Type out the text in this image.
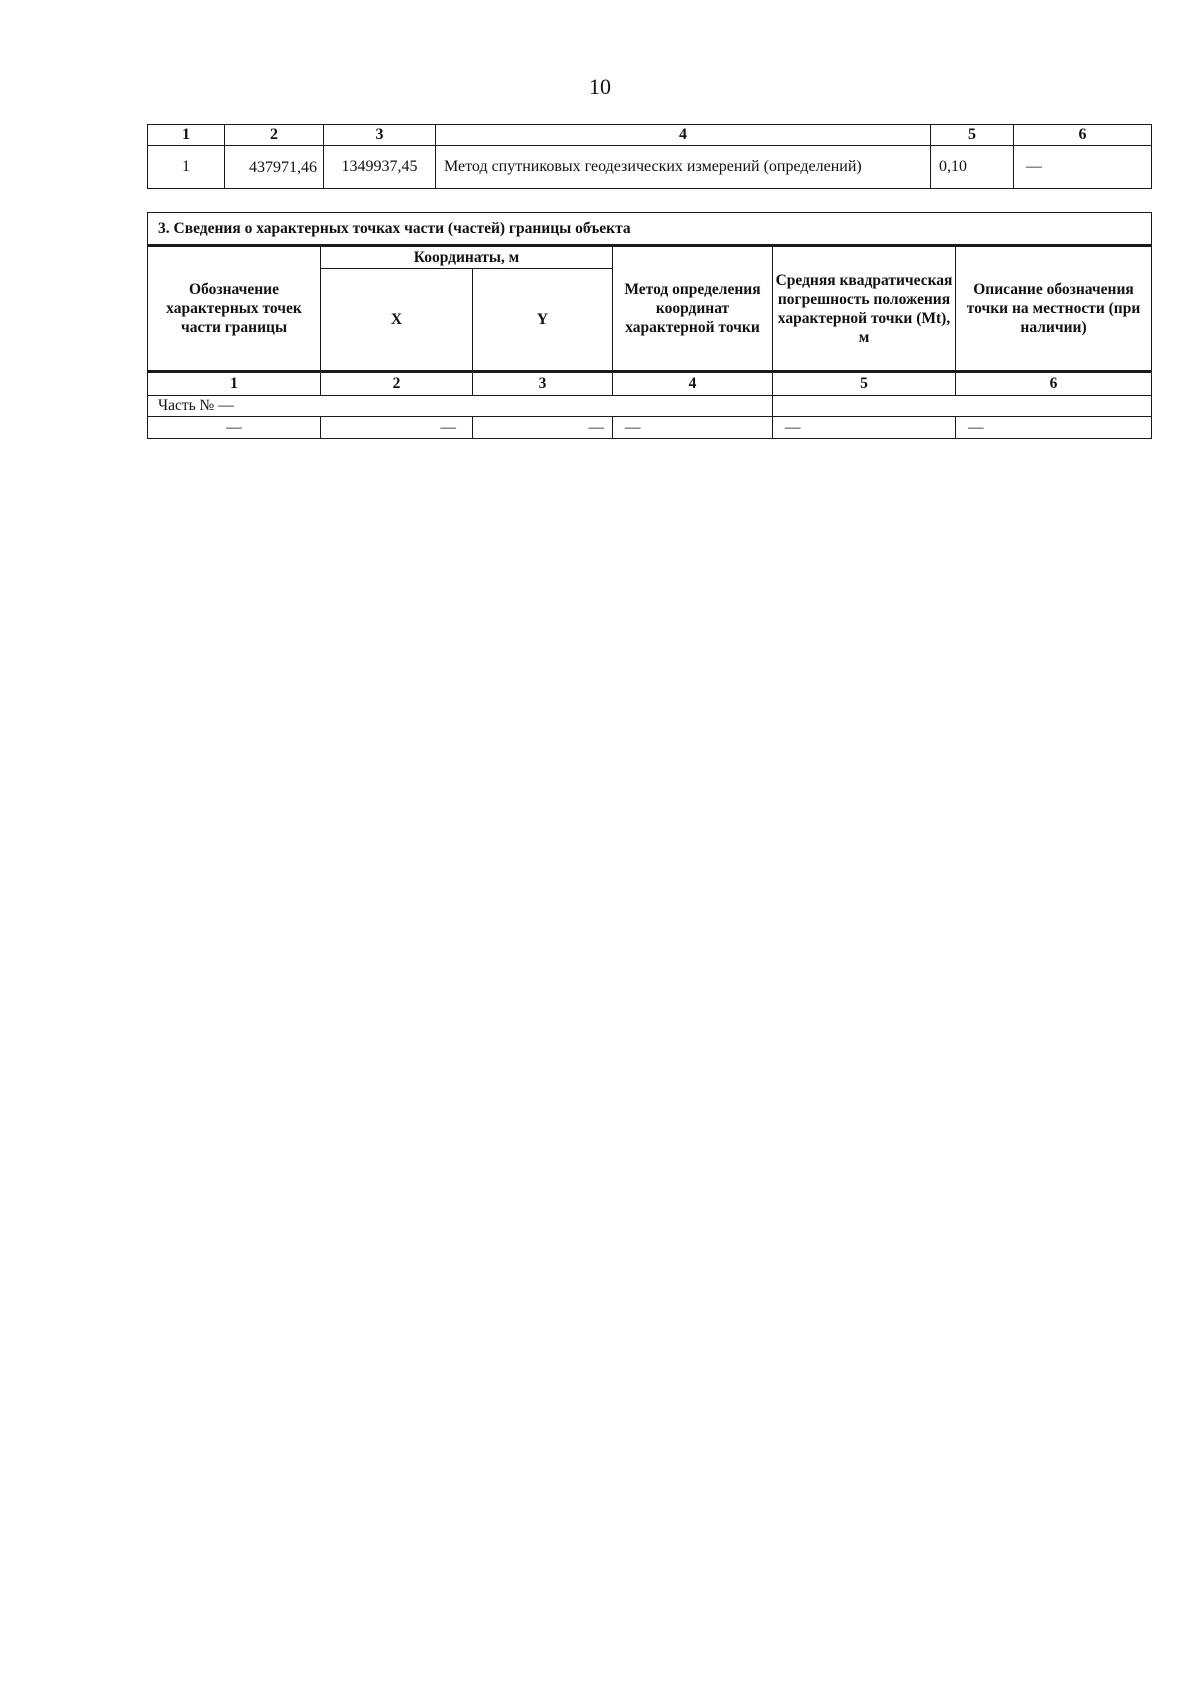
10
1	2	3	4	5	6
1	437971,46	1349937,45	Метод спутниковых геодезических измерений (определений)	0,10	—
3. Сведения о характерных точках части (частей) границы объекта					
Обозначение характерных точек части границы	Координаты, м		Метод определения координат характерной точки	Средняя квадратическая погрешность положения характерной точки (Mt), м	Описание обозначения точки на местности (при наличии)
	X	Y			
1	2	3	4	5	6
Часть № —					
—	—	—	—	—	—
